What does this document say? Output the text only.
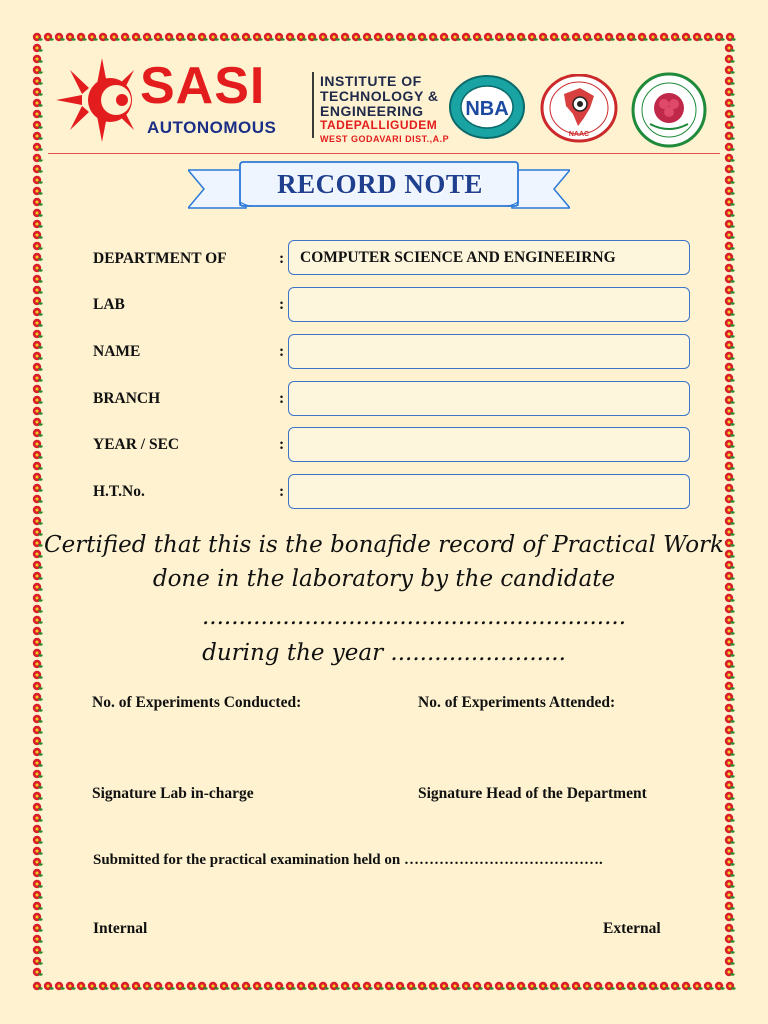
SASI
AUTONOMOUS
INSTITUTE OF
TECHNOLOGY &
ENGINEERING
TADEPALLIGUDEM
WEST GODAVARI DIST.,A.P
NBA
NAAC
RECORD NOTE
DEPARTMENT OF	: COMPUTER SCIENCE AND ENGINEEIRNG
LAB	:
NAME	:
BRANCH	:
YEAR / SEC	:
H.T.No.	:
Certified that this is the bonafide record of Practical Work
done in the laboratory by the candidate
..........................................................
during the year ........................
No. of Experiments Conducted:	No. of Experiments Attended:
Signature Lab in-charge	Signature Head of the Department
Submitted for the practical examination held on ………………………………….
Internal	External
